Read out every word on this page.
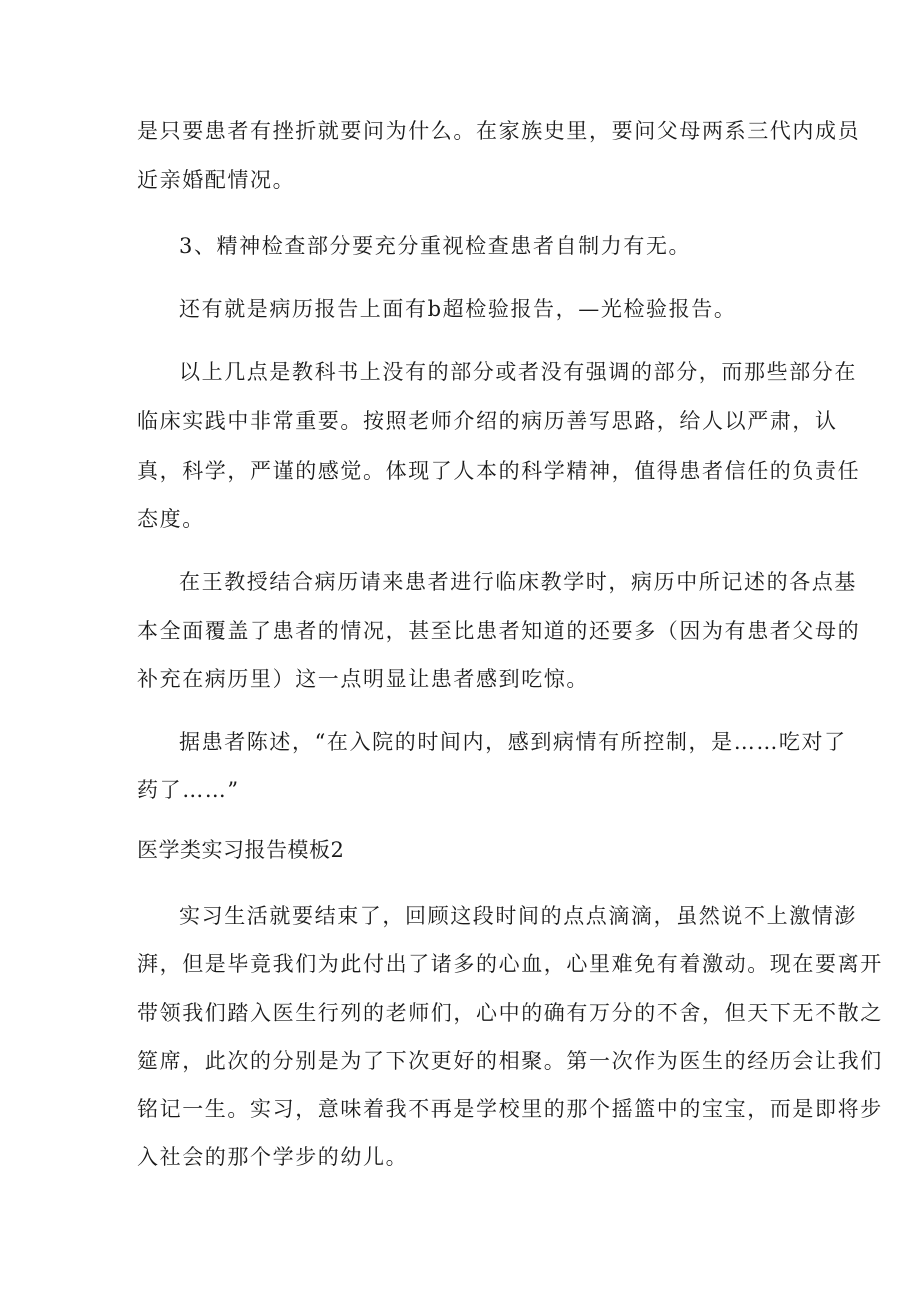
是只要患者有挫折就要问为什么。在家族史里，要问父母两系三代内成员
近亲婚配情况。
3、精神检查部分要充分重视检查患者自制力有无。
还有就是病历报告上面有b超检验报告，—光检验报告。
以上几点是教科书上没有的部分或者没有强调的部分，而那些部分在
临床实践中非常重要。按照老师介绍的病历善写思路，给人以严肃，认
真，科学，严谨的感觉。体现了人本的科学精神，值得患者信任的负责任
态度。
在王教授结合病历请来患者进行临床教学时，病历中所记述的各点基
本全面覆盖了患者的情况，甚至比患者知道的还要多（因为有患者父母的
补充在病历里）这一点明显让患者感到吃惊。
据患者陈述，“在入院的时间内，感到病情有所控制，是……吃对了
药了……”
医学类实习报告模板2
实习生活就要结束了，回顾这段时间的点点滴滴，虽然说不上激情澎
湃，但是毕竟我们为此付出了诸多的心血，心里难免有着激动。现在要离开
带领我们踏入医生行列的老师们，心中的确有万分的不舍，但天下无不散之
筵席，此次的分别是为了下次更好的相聚。第一次作为医生的经历会让我们
铭记一生。实习，意味着我不再是学校里的那个摇篮中的宝宝，而是即将步
入社会的那个学步的幼儿。
